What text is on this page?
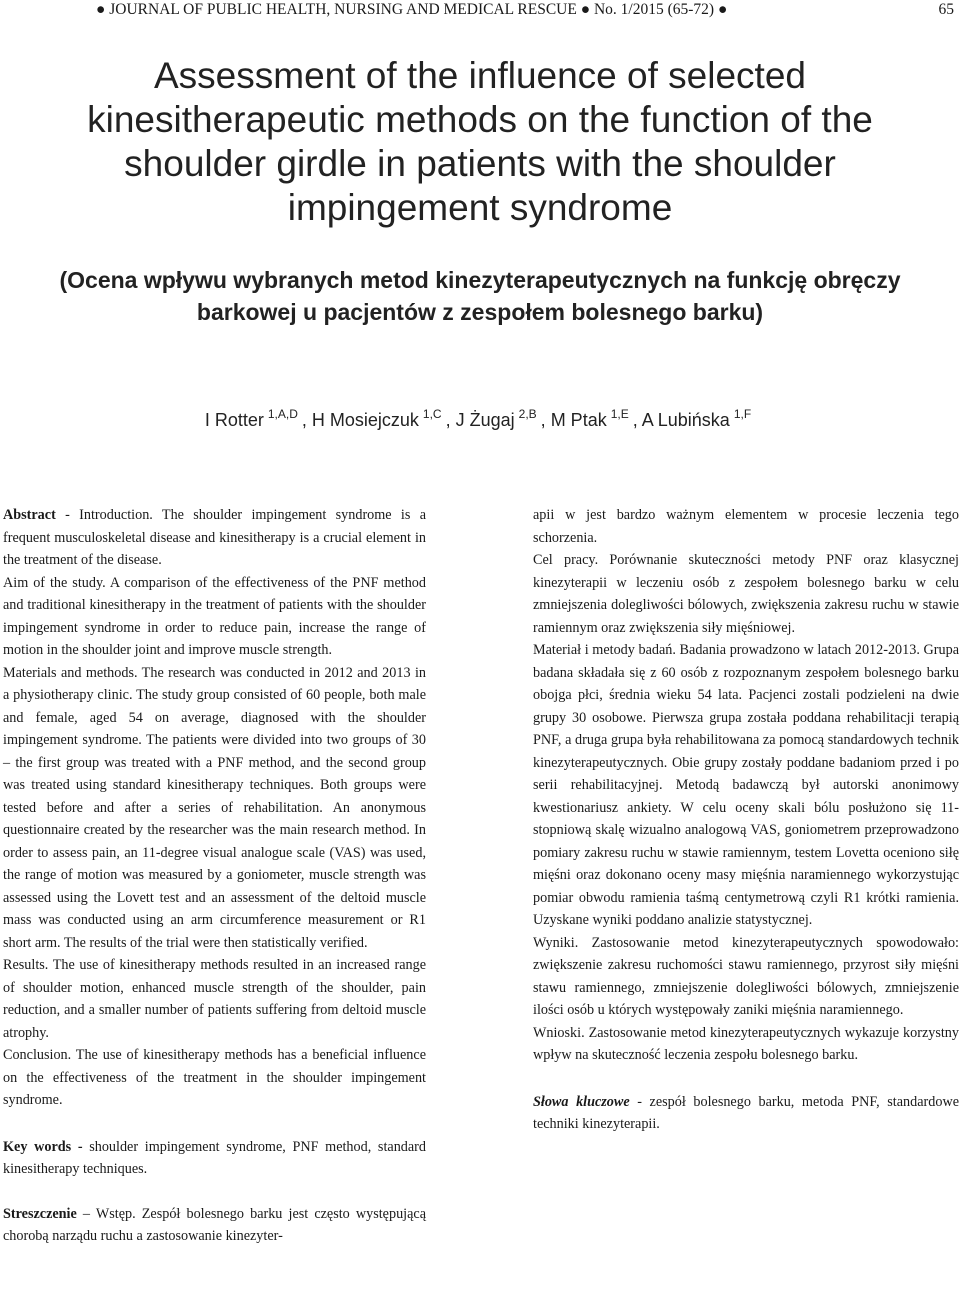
● JOURNAL OF PUBLIC HEALTH, NURSING AND MEDICAL RESCUE ● No. 1/2015 (65-72) ●	65
Assessment of the influence of selected kinesitherapeutic methods on the function of the shoulder girdle in patients with the shoulder impingement syndrome
(Ocena wpływu wybranych metod kinezyterapeutycznych na funkcję obręczy barkowej u pacjentów z zespołem bolesnego barku)
I Rotter $^{1,A,D}$ , H Mosiejczuk $^{1,C}$ , J Żugaj $^{2,B}$ , M Ptak $^{1,E}$ , A Lubińska $^{1,F}$

Abstract - Introduction. The shoulder impingement syndrome is a frequent musculoskeletal disease and kinesitherapy is a crucial element in the treatment of the disease.

Aim of the study. A comparison of the effectiveness of the PNF method and traditional kinesitherapy in the treatment of patients with the shoulder impingement syndrome in order to reduce pain, increase the range of motion in the shoulder joint and improve muscle strength.

Materials and methods. The research was conducted in 2012 and 2013 in a physiotherapy clinic. The study group consisted of 60 people, both male and female, aged 54 on average, diagnosed with the shoulder impingement syndrome. The patients were divided into two groups of 30 – the first group was treated with a PNF method, and the second group was treated using standard kinesitherapy techniques. Both groups were tested before and after a series of rehabilitation. An anonymous questionnaire created by the researcher was the main research method. In order to assess pain, an 11-degree visual analogue scale (VAS) was used, the range of motion was measured by a goniometer, muscle strength was assessed using the Lovett test and an assessment of the deltoid muscle mass was conducted using an arm circumference measurement or R1 short arm. The results of the trial were then statistically verified.

Results. The use of kinesitherapy methods resulted in an increased range of shoulder motion, enhanced muscle strength of the shoulder, pain reduction, and a smaller number of patients suffering from deltoid muscle atrophy.

Conclusion. The use of kinesitherapy methods has a beneficial influence on the effectiveness of the treatment in the shoulder impingement syndrome.

Key words - shoulder impingement syndrome, PNF method, standard kinesitherapy techniques.

Streszczenie – Wstęp. Zespół bolesnego barku jest często występującą chorobą narządu ruchu a zastosowanie kinezyter-

apii w jest bardzo ważnym elementem w procesie leczenia tego schorzenia.

Cel pracy. Porównanie skuteczności metody PNF oraz klasycznej kinezyterapii w leczeniu osób z zespołem bolesnego barku w celu zmniejszenia dolegliwości bólowych, zwiększenia zakresu ruchu w stawie ramiennym oraz zwiększenia siły mięśniowej.

Materiał i metody badań. Badania prowadzono w latach 2012-2013. Grupa badana składała się z 60 osób z rozpoznanym zespołem bolesnego barku obojga płci, średnia wieku 54 lata. Pacjenci zostali podzieleni na dwie grupy 30 osobowe. Pierwsza grupa została poddana rehabilitacji terapią PNF, a druga grupa była rehabilitowana za pomocą standardowych technik kinezyterapeutycznych. Obie grupy zostały poddane badaniom przed i po serii rehabilitacyjnej. Metodą badawczą był autorski anonimowy kwestionariusz ankiety. W celu oceny skali bólu posłużono się 11-stopniową skalę wizualno analogową VAS, goniometrem przeprowadzono pomiary zakresu ruchu w stawie ramiennym, testem Lovetta oceniono siłę mięśni oraz dokonano oceny masy mięśnia naramiennego wykorzystując pomiar obwodu ramienia taśmą centymetrową czyli R1 krótki ramienia. Uzyskane wyniki poddano analizie statystycznej.

Wyniki. Zastosowanie metod kinezyterapeutycznych spowodowało: zwiększenie zakresu ruchomości stawu ramiennego, przyrost siły mięśni stawu ramiennego, zmniejszenie dolegliwości bólowych, zmniejszenie ilości osób u których występowały zaniki mięśnia naramiennego.

Wnioski. Zastosowanie metod kinezyterapeutycznych wykazuje korzystny wpływ na skuteczność leczenia zespołu bolesnego barku.

Słowa kluczowe - zespół bolesnego barku, metoda PNF, standardowe techniki kinezyterapii.
